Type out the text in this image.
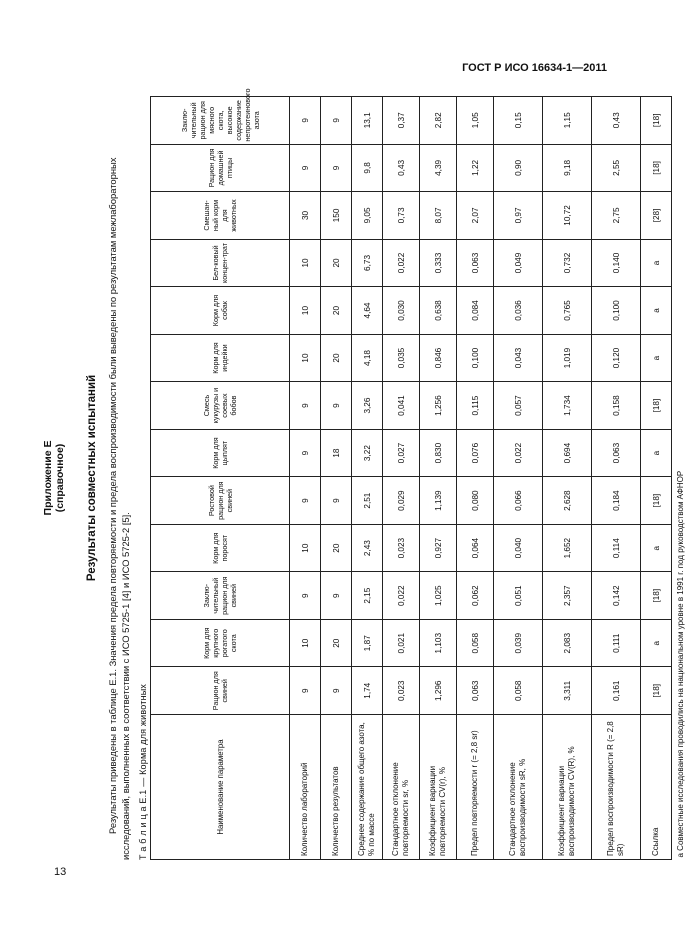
ГОСТ Р ИСО 16634-1—2011
Приложение Е (справочное) Результаты совместных испытаний Результаты приведены в таблице Е.1. Значения предела повторяемости и предела воспроизводимости были выведены по результатам межлабораторных исследований, выполненных в соответствии с ИСО 5725-1 [4] и ИСО 5725-2 [5]. Т а б л и ц а Е.1 — Корма для животных	Наименование параметра	Рацион для свиней	Корм для крупного рогатого скота	Заклю-чительный рацион для свиней	Корм для поросят	Ростовой рацион для свиней	Корм для цыплят	Смесь кукурузы и соевых бобов	Корм для индейки	Корм для собак	Бел-ковый концен-трат	Смешан-ный корм для животных	Рацион для домашней птицы	Заклю-чительный рацион для мясного скота, высокое содержание непротеинового азота
Количество лабораторий	9	10	9	10	9	9	9	10	10	10	30	9	9
Количество результатов	9	20	9	20	9	18	9	20	20	20	150	9	9
Среднее содержание общего азота, % по массе	1,74	1,87	2,15	2,43	2,51	3,22	3,26	4,18	4,64	6,73	9,05	9,8	13,1
Стандартное отклонение повторяемости sr, %	0,023	0,021	0,022	0,023	0,029	0,027	0,041	0,035	0,030	0,022	0,73	0,43	0,37
Коэффициент вариации повторяемости CV(r), %	1,296	1,103	1,025	0,927	1,139	0,830	1,256	0,846	0,638	0,333	8,07	4,39	2,82
Предел повторяемости r (= 2,8 sr)	0,063	0,058	0,062	0,064	0,080	0,076	0,115	0,100	0,084	0,063	2,07	1,22	1,05
Стандартное отклонение воспроизводимости sR, %	0,058	0,039	0,051	0,040	0,066	0,022	0,057	0,043	0,036	0,049	0,97	0,90	0,15
Коэффициент вариации воспроизводимости CV(R), %	3,311	2,083	2,357	1,652	2,628	0,694	1,734	1,019	0,765	0,732	10,72	9,18	1,15
Предел воспроизводимости R (= 2,8 sR)	0,161	0,111	0,142	0,114	0,184	0,063	0,158	0,120	0,100	0,140	2,75	2,55	0,43
Ссылка	[18]	a	[18]	a	[18]	a	[18]	a	a	a	[28]	[18]	[18]
a Совместные исследования проводились на национальном уровне в 1991 г. под руководством АФНОР													
13
